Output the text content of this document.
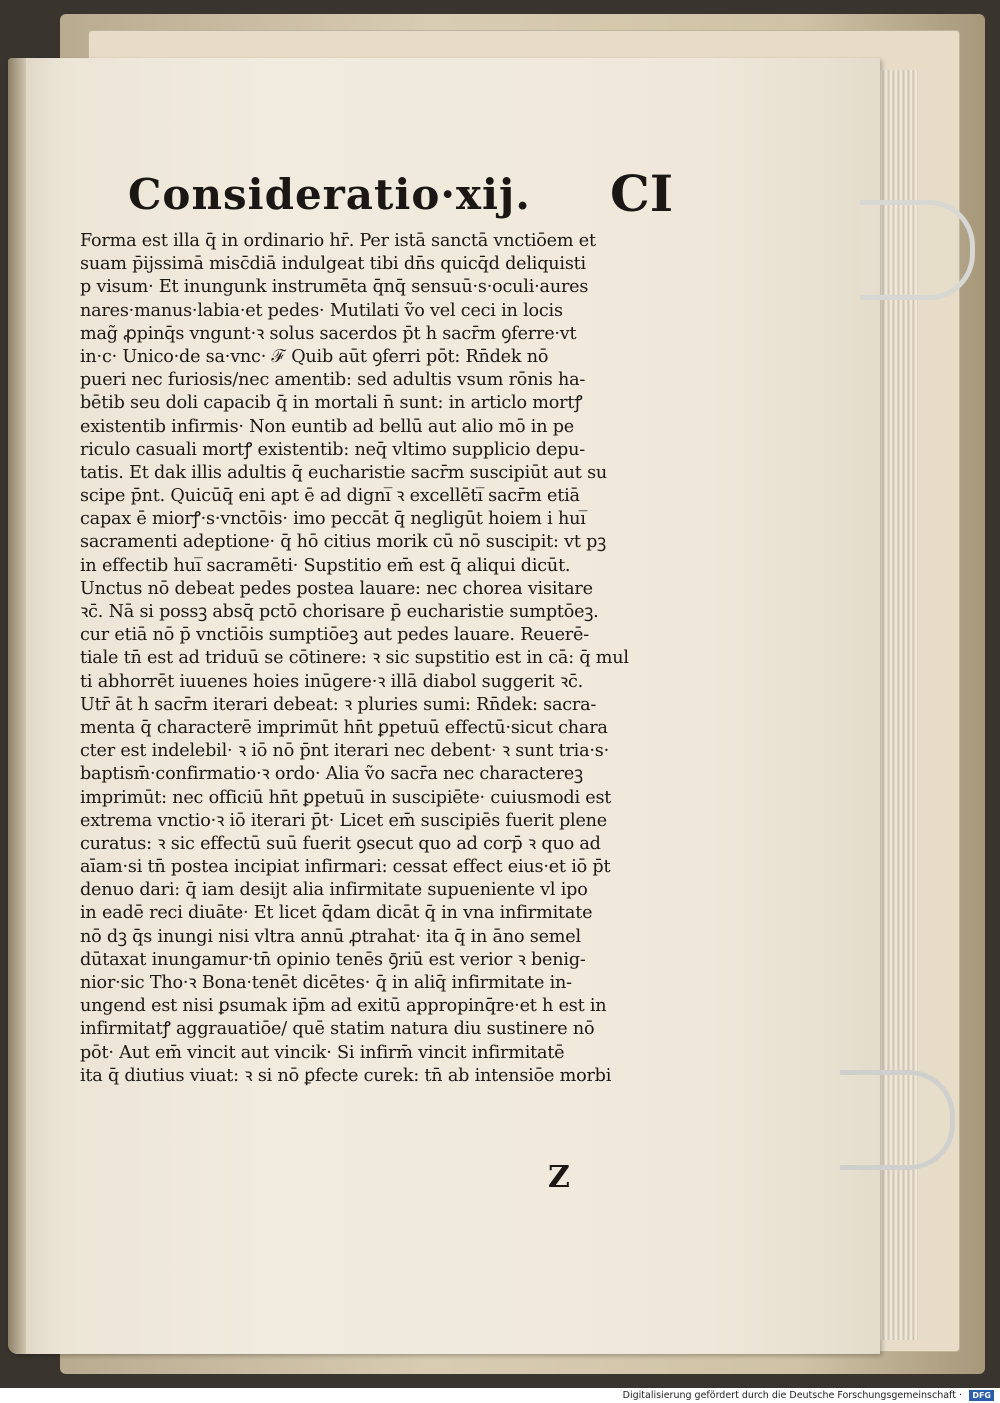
Consideratio·xij. CI
Forma est illa q̄ in ordinario hr̄. Per istā sanctā vnctiōem et
suam p̄ijssimā misc̄diā indulgeat tibi dn̄s quicq̄d deliquisti
p visum· Et inungunk instrumēta q̄nq̄ sensuū·s·oculi·aures
nares·manus·labia·et pedes· Mutilati ṽo vel ceci in locis
mag̃ ꝓpinq̄s vngunt·ꝛ solus sacerdos p̄t h̄ sacr̄m ꝯferre·vt
in·c· Unico·de sa·vnc· ℱ Quib̄ aūt ꝯferri pōt: Rn̄dek nō
pueri nec furiosis/nec amentib̄: sed adultis vsum rōnis ha-
bētib̄ seu doli capacib̄ q̄ in mortali n̄ sunt: in articlo mortꝭ
existentib̄ infirmis· Non euntib̄ ad bellū aut alio mō in pe
riculo casuali mortꝭ existentib̄: neq̄ vltimo supplicio depu-
tatis. Et dak illis adultis q̄ eucharistie sacr̄m suscipiūt aut su
scipe p̄nt. Quicūq̄ eni apt̄ ē ad digni̅ ꝛ excellēti̅ sacr̄m etiā
capax ē miorꝭ·s·vnctōis· imo peccāt q̄ negligūt hoiem i hui̅
sacramenti adeptione· q̄ hō citius morik cū nō suscipit: vt pꝫ
in effectib̄ hui̅ sacramēti· Supstitio em̄ est q̄ aliqui dicūt.
Unctus nō debeat pedes postea lauare: nec chorea visitare
ꝛc̄. Nā si possꝫ absq̄ pctō chorisare p̄ eucharistie sumptōeꝫ.
cur etiā nō p̄ vnctiōis sumptiōeꝫ aut pedes lauare. Reuerē-
tiale tn̄ est ad triduū se cōtinere: ꝛ sic supstitio est in cā: q̄ mul
ti abhorrēt iuuenes hoies inūgere·ꝛ illā diabol̄ suggerit ꝛc̄.
Utr̄ āt h̄ sacr̄m iterari debeat: ꝛ pluries sumi: Rn̄dek: sacra-
menta q̄ characterē imprimūt hn̄t ꝑpetuū effectū·sicut chara
cter est indelebil̄· ꝛ iō nō p̄nt iterari nec debent· ꝛ sunt tria·s·
baptism̄·confirmatio·ꝛ ordo· Alia ṽo sacr̄a nec charactereꝫ
imprimūt: nec officiū hn̄t ꝑpetuū in suscipiēte· cuiusmodi est
extrema vnctio·ꝛ iō iterari p̄t· Licet em̄ suscipiēs fuerit plene
curatus: ꝛ sic effectū suū fuerit ꝯsecut̄ quo ad corp̄ ꝛ quo ad
aīam·si tn̄ postea incipiat infirmari: cessat effect̄ eius·et iō p̄t
denuo dari: q̄ iam desijt alia infirmitate supueniente vl̄ ipo
in eadē reci diuāte· Et licet q̄dam dicāt q̄ in vna infirmitate
nō dꝫ q̄s inungi nisi vltra annū ꝓtrahat· ita q̄ in āno semel
dūtaxat inungamur·tn̄ opinio tenēs ꝯ̄riū est verior ꝛ benig-
nior·sic Tho·ꝛ Bona·tenēt dicētes· q̄ in aliq̄ infirmitate in-
ungend̄ est nisi ꝑsumak ip̄m ad exitū appropinq̄re·et h̄ est in
infirmitatꝭ aggrauatiōe/ quē statim natura diu sustinere nō
pōt· Aut em̄ vincit aut vincik· Si infirm̄ vincit infirmitatē
ita q̄ diutius viuat: ꝛ si nō ꝑfecte curek: tn̄ ab intensiōe morbi
Z
Digitalisierung gefördert durch die Deutsche Forschungsgemeinschaft ·	DFG
